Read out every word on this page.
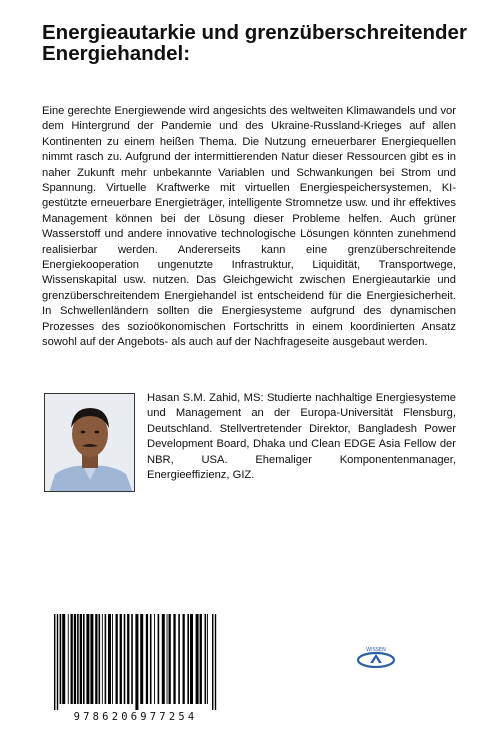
Energieautarkie und grenzüberschreitender Energiehandel:

Eine gerechte Energiewende wird angesichts des weltweiten Klimawandels und vor dem Hintergrund der Pandemie und des Ukraine-Russland-Krieges auf allen Kontinenten zu einem heißen Thema. Die Nutzung erneuerbarer Energiequellen nimmt rasch zu. Aufgrund der intermittierenden Natur dieser Ressourcen gibt es in naher Zukunft mehr unbekannte Variablen und Schwankungen bei Strom und Spannung. Virtuelle Kraftwerke mit virtuellen Energiespeichersystemen, KI-gestützte erneuerbare Energieträger, intelligente Stromnetze usw. und ihr effektives Management können bei der Lösung dieser Probleme helfen. Auch grüner Wasserstoff und andere innovative technologische Lösungen könnten zunehmend realisierbar werden. Andererseits kann eine grenzüberschreitende Energiekooperation ungenutzte Infrastruktur, Liquidität, Transportwege, Wissenskapital usw. nutzen. Das Gleichgewicht zwischen Energieautarkie und grenzüberschreitendem Energiehandel ist entscheidend für die Energiesicherheit. In Schwellenländern sollten die Energiesysteme aufgrund des dynamischen Prozesses des sozioökonomischen Fortschritts in einem koordinierten Ansatz sowohl auf der Angebots- als auch auf der Nachfrageseite ausgebaut werden.

Hasan S.M. Zahid, MS: Studierte nachhaltige Energiesysteme und Management an der Europa-Universität Flensburg, Deutschland. Stellvertretender Direktor, Bangladesh Power Development Board, Dhaka und Clean EDGE Asia Fellow der NBR, USA. Ehemaliger Komponentenmanager, Energieeffizienz, GIZ.

9786206977254
WISSEN
